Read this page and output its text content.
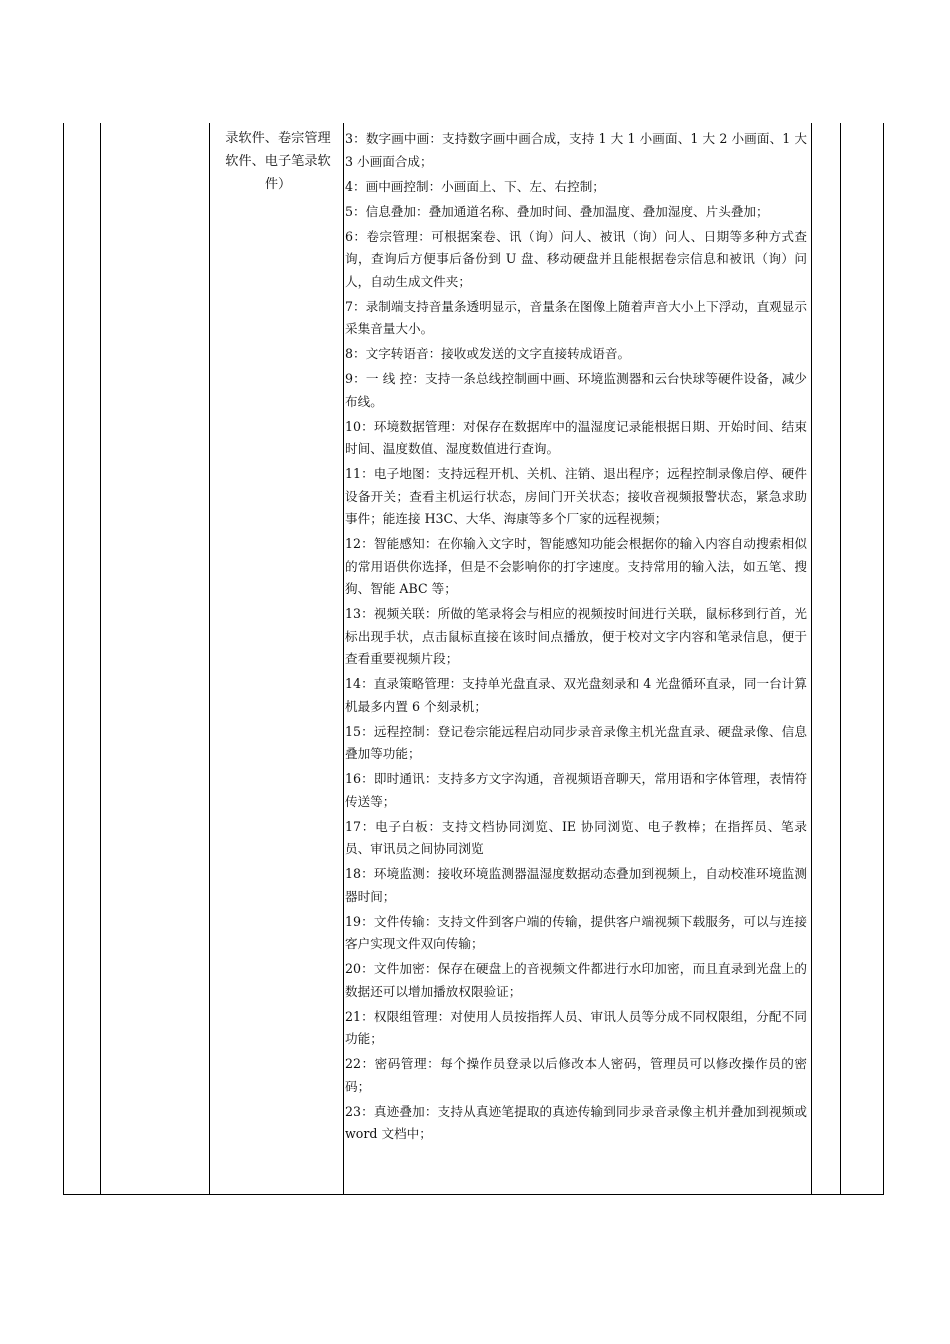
录软件、卷宗管理
软件、电子笔录软
件）
3：数字画中画：支持数字画中画合成，支持 1 大 1 小画面、1 大 2 小画面、1 大 3 小画面合成；
4：画中画控制：小画面上、下、左、右控制；
5：信息叠加：叠加通道名称、叠加时间、叠加温度、叠加湿度、片头叠加；
6：卷宗管理：可根据案卷、讯（询）问人、被讯（询）问人、日期等多种方式查询，查询后方便事后备份到 U 盘、移动硬盘并且能根据卷宗信息和被讯（询）问人，自动生成文件夹；
7：录制端支持音量条透明显示，音量条在图像上随着声音大小上下浮动，直观显示采集音量大小。
8：文字转语音：接收或发送的文字直接转成语音。
9：一 线 控：支持一条总线控制画中画、环境监测器和云台快球等硬件设备，减少布线。
10：环境数据管理：对保存在数据库中的温湿度记录能根据日期、开始时间、结束时间、温度数值、湿度数值进行查询。
11：电子地图：支持远程开机、关机、注销、退出程序；远程控制录像启停、硬件设备开关；查看主机运行状态，房间门开关状态；接收音视频报警状态，紧急求助事件；能连接 H3C、大华、海康等多个厂家的远程视频；
12：智能感知：在你输入文字时，智能感知功能会根据你的输入内容自动搜索相似的常用语供你选择，但是不会影响你的打字速度。支持常用的输入法，如五笔、搜狗、智能 ABC 等；
13：视频关联：所做的笔录将会与相应的视频按时间进行关联，鼠标移到行首，光标出现手状，点击鼠标直接在该时间点播放，便于校对文字内容和笔录信息，便于查看重要视频片段；
14：直录策略管理：支持单光盘直录、双光盘刻录和 4 光盘循环直录，同一台计算机最多内置 6 个刻录机；
15：远程控制：登记卷宗能远程启动同步录音录像主机光盘直录、硬盘录像、信息叠加等功能；
16：即时通讯：支持多方文字沟通，音视频语音聊天，常用语和字体管理，表情符传送等；
17：电子白板：支持文档协同浏览、IE 协同浏览、电子教棒；在指挥员、笔录员、审讯员之间协同浏览
18：环境监测：接收环境监测器温湿度数据动态叠加到视频上，自动校准环境监测器时间；
19：文件传输：支持文件到客户端的传输，提供客户端视频下载服务，可以与连接客户实现文件双向传输；
20：文件加密：保存在硬盘上的音视频文件都进行水印加密，而且直录到光盘上的数据还可以增加播放权限验证；
21：权限组管理：对使用人员按指挥人员、审讯人员等分成不同权限组，分配不同功能；
22：密码管理：每个操作员登录以后修改本人密码，管理员可以修改操作员的密码；
23：真迹叠加：支持从真迹笔提取的真迹传输到同步录音录像主机并叠加到视频或 word 文档中；
